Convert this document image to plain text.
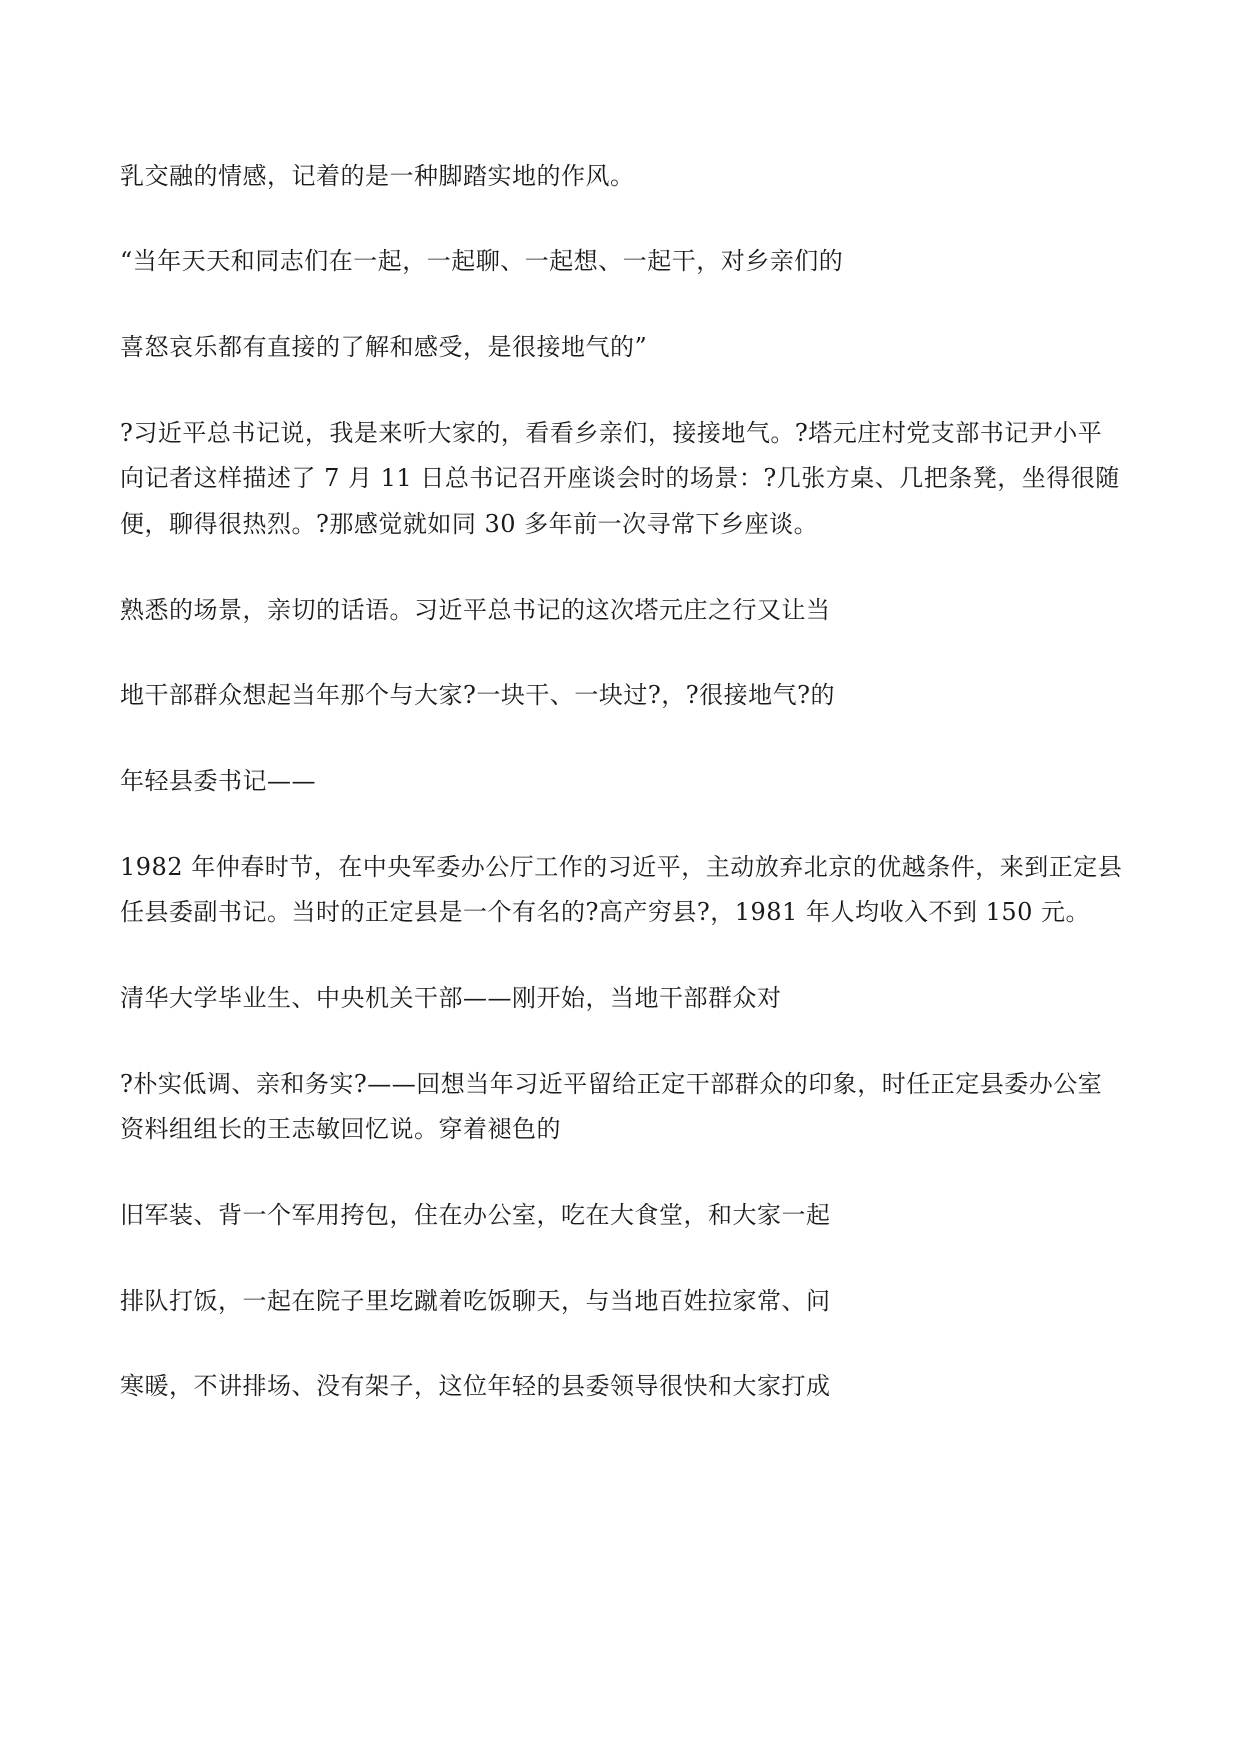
乳交融的情感，记着的是一种脚踏实地的作风。
“当年天天和同志们在一起，一起聊、一起想、一起干，对乡亲们的
喜怒哀乐都有直接的了解和感受，是很接地气的”
?习近平总书记说，我是来听大家的，看看乡亲们，接接地气。?塔元庄村党支部书记尹小平
向记者这样描述了 7 月 11 日总书记召开座谈会时的场景：?几张方桌、几把条凳，坐得很随
便，聊得很热烈。?那感觉就如同 30 多年前一次寻常下乡座谈。
熟悉的场景，亲切的话语。习近平总书记的这次塔元庄之行又让当
地干部群众想起当年那个与大家?一块干、一块过?，?很接地气?的
年轻县委书记——
1982 年仲春时节，在中央军委办公厅工作的习近平，主动放弃北京的优越条件，来到正定县
任县委副书记。当时的正定县是一个有名的?高产穷县?，1981 年人均收入不到 150 元。
清华大学毕业生、中央机关干部——刚开始，当地干部群众对
?朴实低调、亲和务实?——回想当年习近平留给正定干部群众的印象，时任正定县委办公室
资料组组长的王志敏回忆说。穿着褪色的
旧军装、背一个军用挎包，住在办公室，吃在大食堂，和大家一起
排队打饭，一起在院子里圪蹴着吃饭聊天，与当地百姓拉家常、问
寒暖，不讲排场、没有架子，这位年轻的县委领导很快和大家打成
